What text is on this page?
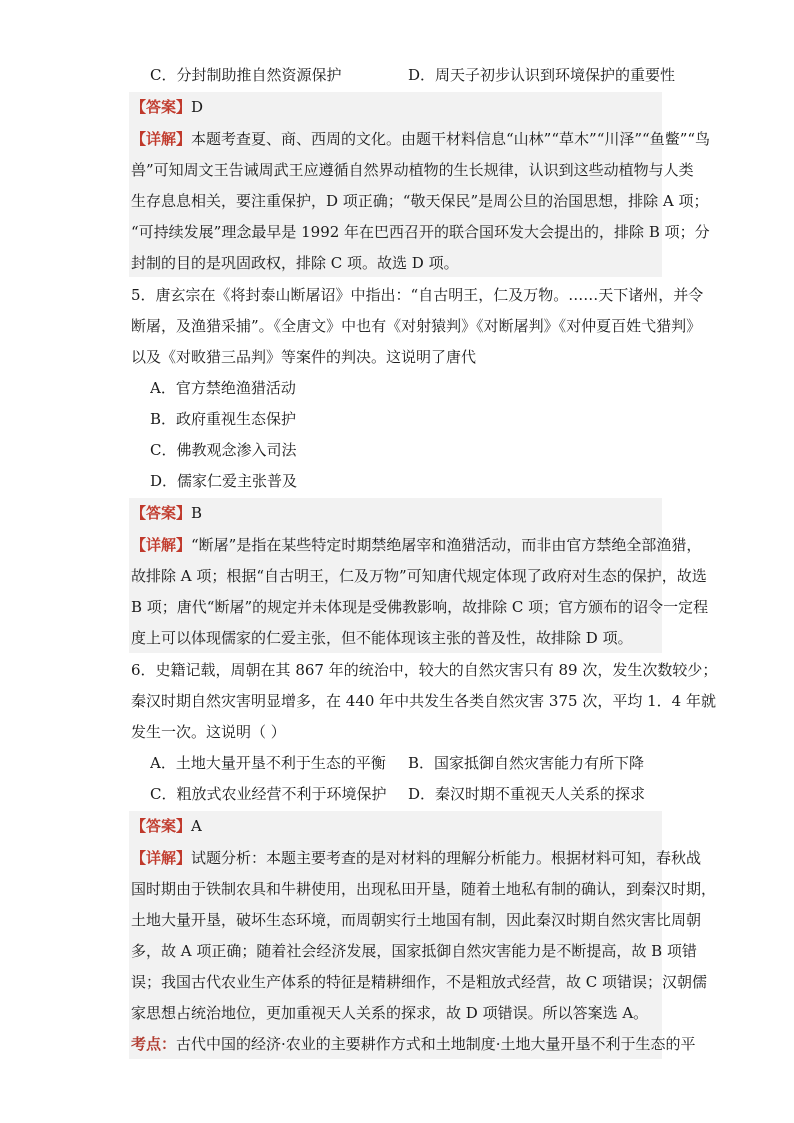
C．分封制助推自然资源保护	D．周天子初步认识到环境保护的重要性
【答案】D
【详解】本题考查夏、商、西周的文化。由题干材料信息“山林”“草木”“川泽”“鱼鳖”“鸟
兽”可知周文王告诫周武王应遵循自然界动植物的生长规律，认识到这些动植物与人类
生存息息相关，要注重保护，D 项正确；“敬天保民”是周公旦的治国思想，排除 A 项；
“可持续发展”理念最早是 1992 年在巴西召开的联合国环发大会提出的，排除 B 项；分
封制的目的是巩固政权，排除 C 项。故选 D 项。
5．唐玄宗在《将封泰山断屠诏》中指出：“自古明王，仁及万物。……天下诸州，并令
断屠，及渔猎采捕”。《全唐文》中也有《对射猿判》《对断屠判》《对仲夏百姓弋猎判》
以及《对畋猎三品判》等案件的判决。这说明了唐代
A．官方禁绝渔猎活动
B．政府重视生态保护
C．佛教观念渗入司法
D．儒家仁爱主张普及
【答案】B
【详解】“断屠”是指在某些特定时期禁绝屠宰和渔猎活动，而非由官方禁绝全部渔猎，
故排除 A 项；根据“自古明王，仁及万物”可知唐代规定体现了政府对生态的保护，故选
B 项；唐代“断屠”的规定并未体现是受佛教影响，故排除 C 项；官方颁布的诏令一定程
度上可以体现儒家的仁爱主张，但不能体现该主张的普及性，故排除 D 项。
6．史籍记载，周朝在其 867 年的统治中，较大的自然灾害只有 89 次，发生次数较少；
秦汉时期自然灾害明显增多，在 440 年中共发生各类自然灾害 375 次，平均 1．4 年就
发生一次。这说明（ ）
A．土地大量开垦不利于生态的平衡 B．国家抵御自然灾害能力有所下降
C．粗放式农业经营不利于环境保护 D．秦汉时期不重视天人关系的探求
【答案】A
【详解】试题分析：本题主要考查的是对材料的理解分析能力。根据材料可知，春秋战
国时期由于铁制农具和牛耕使用，出现私田开垦，随着土地私有制的确认，到秦汉时期，
土地大量开垦，破坏生态环境，而周朝实行土地国有制，因此秦汉时期自然灾害比周朝
多，故 A 项正确；随着社会经济发展，国家抵御自然灾害能力是不断提高，故 B 项错
误；我国古代农业生产体系的特征是精耕细作，不是粗放式经营，故 C 项错误；汉朝儒
家思想占统治地位，更加重视天人关系的探求，故 D 项错误。所以答案选 A。
考点：古代中国的经济·农业的主要耕作方式和土地制度·土地大量开垦不利于生态的平
